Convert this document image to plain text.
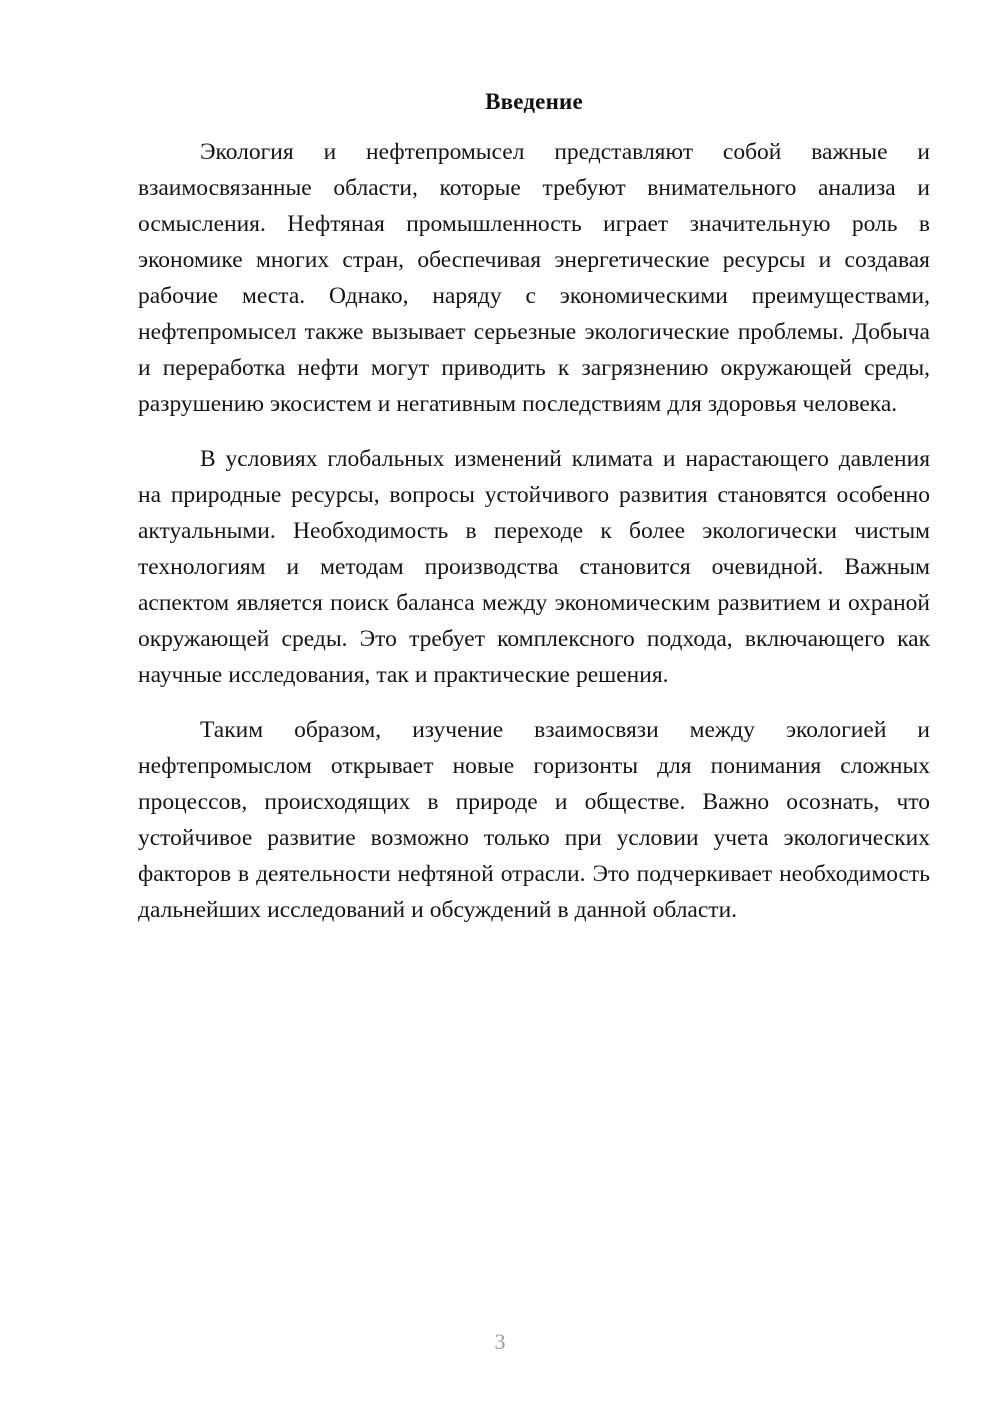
Введение

Экология и нефтепромысел представляют собой важные и взаимосвязанные области, которые требуют внимательного анализа и осмысления. Нефтяная промышленность играет значительную роль в экономике многих стран, обеспечивая энергетические ресурсы и создавая рабочие места. Однако, наряду с экономическими преимуществами, нефтепромысел также вызывает серьезные экологические проблемы. Добыча и переработка нефти могут приводить к загрязнению окружающей среды, разрушению экосистем и негативным последствиям для здоровья человека.

В условиях глобальных изменений климата и нарастающего давления на природные ресурсы, вопросы устойчивого развития становятся особенно актуальными. Необходимость в переходе к более экологически чистым технологиям и методам производства становится очевидной. Важным аспектом является поиск баланса между экономическим развитием и охраной окружающей среды. Это требует комплексного подхода, включающего как научные исследования, так и практические решения.

Таким образом, изучение взаимосвязи между экологией и нефтепромыслом открывает новые горизонты для понимания сложных процессов, происходящих в природе и обществе. Важно осознать, что устойчивое развитие возможно только при условии учета экологических факторов в деятельности нефтяной отрасли. Это подчеркивает необходимость дальнейших исследований и обсуждений в данной области.

3
